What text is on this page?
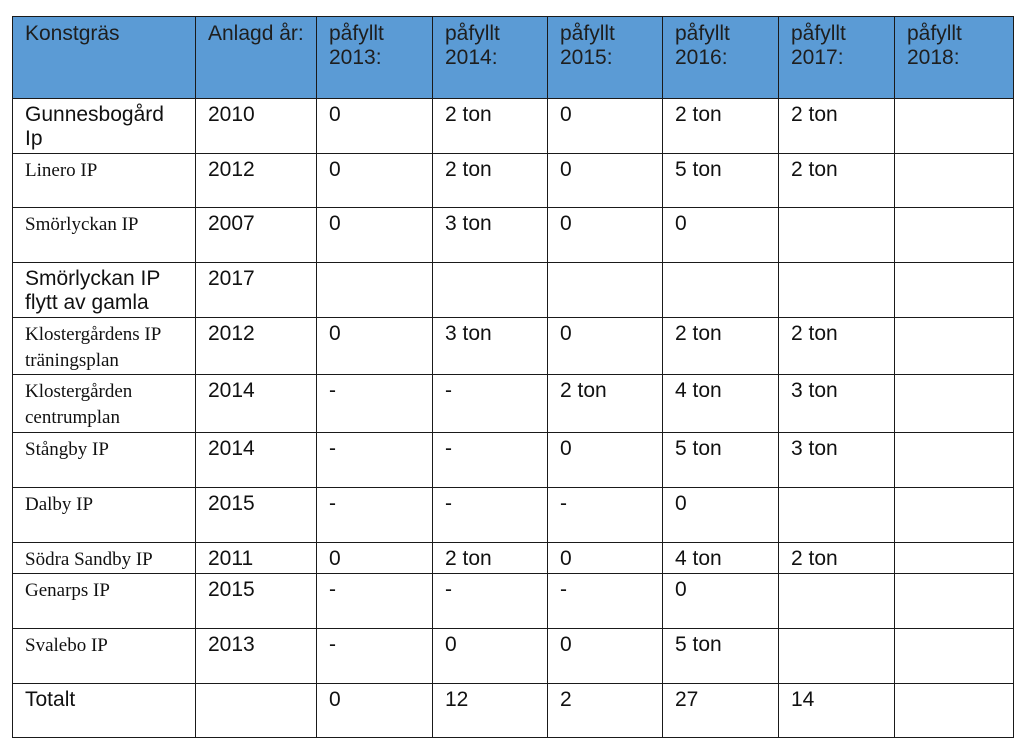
Konstgräs	Anlagd år:	påfyllt 2013:	påfyllt 2014:	påfyllt 2015:	påfyllt 2016:	påfyllt 2017:	påfyllt 2018:
Gunnesbogård Ip	2010	0	2 ton	0	2 ton	2 ton	
Linero IP	2012	0	2 ton	0	5 ton	2 ton	
Smörlyckan IP	2007	0	3 ton	0	0		
Smörlyckan IP flytt av gamla	2017						
Klostergårdens IP träningsplan	2012	0	3 ton	0	2 ton	2 ton	
Klostergården centrumplan	2014	-	-	2 ton	4 ton	3 ton	
Stångby IP	2014	-	-	0	5 ton	3 ton	
Dalby IP	2015	-	-	-	0		
Södra Sandby IP	2011	0	2 ton	0	4 ton	2 ton	
Genarps IP	2015	-	-	-	0		
Svalebo IP	2013	-	0	0	5 ton		
Totalt		0	12	2	27	14	
